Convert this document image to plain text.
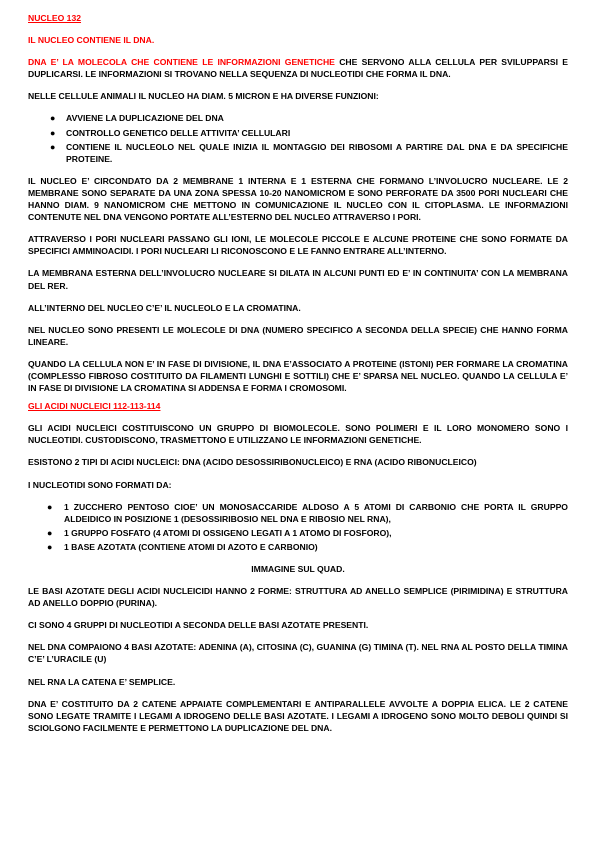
NUCLEO 132

IL NUCLEO CONTIENE IL DNA.

DNA E’ LA MOLECOLA CHE CONTIENE LE INFORMAZIONI GENETICHE CHE SERVONO ALLA CELLULA PER SVILUPPARSI E DUPLICARSI. LE INFORMAZIONI SI TROVANO NELLA SEQUENZA DI NUCLEOTIDI CHE FORMA IL DNA.

NELLE CELLULE ANIMALI IL NUCLEO HA DIAM. 5 MICRON E HA DIVERSE FUNZIONI:

● AVVIENE LA DUPLICAZIONE DEL DNA
● CONTROLLO GENETICO DELLE ATTIVITA’ CELLULARI
● CONTIENE IL NUCLEOLO NEL QUALE INIZIA IL MONTAGGIO DEI RIBOSOMI A PARTIRE DAL DNA E DA SPECIFICHE PROTEINE.

IL NUCLEO E’ CIRCONDATO DA 2 MEMBRANE 1 INTERNA E 1 ESTERNA CHE FORMANO L’INVOLUCRO NUCLEARE. LE 2 MEMBRANE SONO SEPARATE DA UNA ZONA SPESSA 10-20 NANOMICROM E SONO PERFORATE DA 3500 PORI NUCLEARI CHE HANNO DIAM. 9 NANOMICROM CHE METTONO IN COMUNICAZIONE IL NUCLEO CON IL CITOPLASMA. LE INFORMAZIONI CONTENUTE NEL DNA VENGONO PORTATE ALL’ESTERNO DEL NUCLEO ATTRAVERSO I PORI.

ATTRAVERSO I PORI NUCLEARI PASSANO GLI IONI, LE MOLECOLE PICCOLE E ALCUNE PROTEINE CHE SONO FORMATE DA SPECIFICI AMMINOACIDI. I PORI NUCLEARI LI RICONOSCONO E LE FANNO ENTRARE ALL’INTERNO.

LA MEMBRANA ESTERNA DELL’INVOLUCRO NUCLEARE SI DILATA IN ALCUNI PUNTI ED E’ IN CONTINUITA’ CON LA MEMBRANA DEL RER.

ALL’INTERNO DEL NUCLEO C’E’ IL NUCLEOLO E LA CROMATINA.

NEL NUCLEO SONO PRESENTI LE MOLECOLE DI DNA (NUMERO SPECIFICO A SECONDA DELLA SPECIE) CHE HANNO FORMA LINEARE.

QUANDO LA CELLULA NON E’ IN FASE DI DIVISIONE, IL DNA E’ASSOCIATO A PROTEINE (ISTONI) PER FORMARE LA CROMATINA (COMPLESSO FIBROSO COSTITUITO DA FILAMENTI LUNGHI E SOTTILI) CHE E’ SPARSA NEL NUCLEO. QUANDO LA CELLULA E’ IN FASE DI DIVISIONE LA CROMATINA SI ADDENSA E FORMA I CROMOSOMI.

GLI ACIDI NUCLEICI 112-113-114

GLI ACIDI NUCLEICI COSTITUISCONO UN GRUPPO DI BIOMOLECOLE. SONO POLIMERI E IL LORO MONOMERO SONO I NUCLEOTIDI. CUSTODISCONO, TRASMETTONO E UTILIZZANO LE INFORMAZIONI GENETICHE.

ESISTONO 2 TIPI DI ACIDI NUCLEICI: DNA (ACIDO DESOSSIRIBONUCLEICO) E RNA (ACIDO RIBONUCLEICO)

I NUCLEOTIDI SONO FORMATI DA:

● 1 ZUCCHERO PENTOSO CIOE’ UN MONOSACCARIDE ALDOSO A 5 ATOMI DI CARBONIO CHE PORTA IL GRUPPO ALDEIDICO IN POSIZIONE 1 (DESOSSIRIBOSIO NEL DNA E RIBOSIO NEL RNA),
● 1 GRUPPO FOSFATO (4 ATOMI DI OSSIGENO LEGATI A 1 ATOMO DI FOSFORO),
● 1 BASE AZOTATA (CONTIENE ATOMI DI AZOTO E CARBONIO)

IMMAGINE SUL QUAD.

LE BASI AZOTATE DEGLI ACIDI NUCLEICIDI HANNO 2 FORME: STRUTTURA AD ANELLO SEMPLICE (PIRIMIDINA) E STRUTTURA AD ANELLO DOPPIO (PURINA).

CI SONO 4 GRUPPI DI NUCLEOTIDI A SECONDA DELLE BASI AZOTATE PRESENTI.

NEL DNA COMPAIONO 4 BASI AZOTATE: ADENINA (A), CITOSINA (C), GUANINA (G) TIMINA (T). NEL RNA AL POSTO DELLA TIMINA C’E’ L’URACILE (U)

NEL RNA LA CATENA E’ SEMPLICE.

DNA E’ COSTITUITO DA 2 CATENE APPAIATE COMPLEMENTARI E ANTIPARALLELE AVVOLTE A DOPPIA ELICA. LE 2 CATENE SONO LEGATE TRAMITE I LEGAMI A IDROGENO DELLE BASI AZOTATE. I LEGAMI A IDROGENO SONO MOLTO DEBOLI QUINDI SI SCIOLGONO FACILMENTE E PERMETTONO LA DUPLICAZIONE DEL DNA.
